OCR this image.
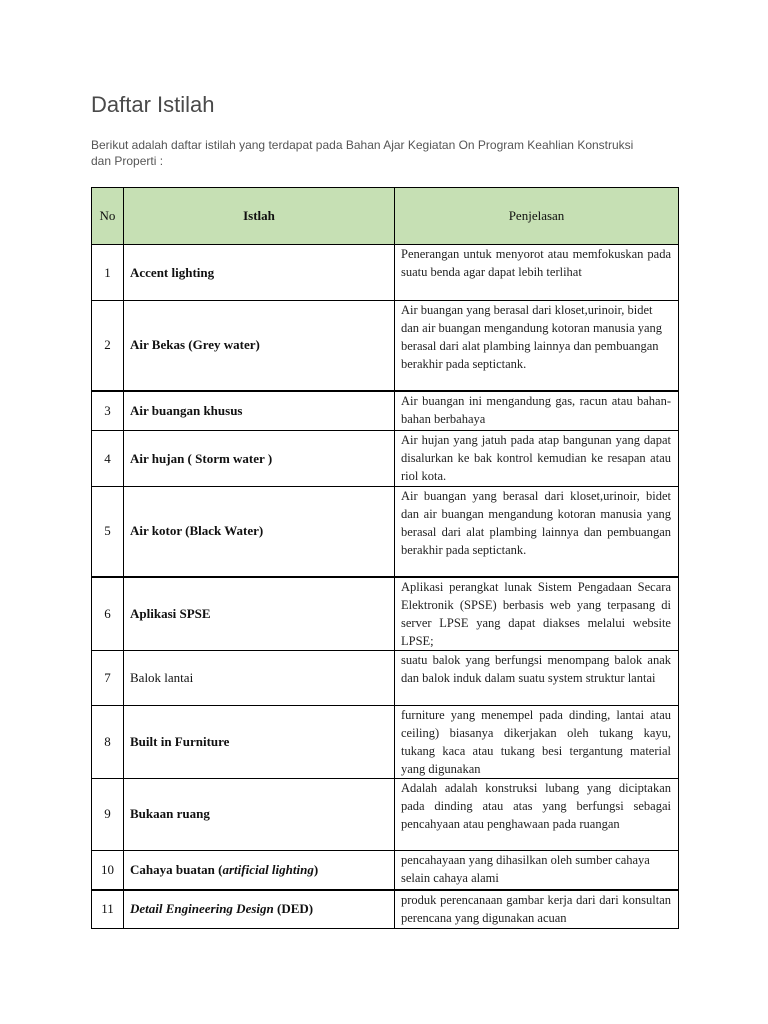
Daftar Istilah

Berikut adalah daftar istilah yang terdapat pada Bahan Ajar Kegiatan On Program Keahlian Konstruksi dan Properti :

No	Istlah	Penjelasan
1	Accent lighting	Penerangan untuk menyorot atau memfokuskan pada suatu benda agar dapat lebih terlihat
2	Air Bekas (Grey water)	Air buangan yang berasal dari kloset,urinoir, bidet dan air buangan mengandung kotoran manusia yang berasal dari alat plambing lainnya dan pembuangan berakhir pada septictank.
3	Air buangan khusus	Air buangan ini mengandung gas, racun atau bahan-bahan berbahaya
4	Air hujan ( Storm water )	Air hujan yang jatuh pada atap bangunan yang dapat disalurkan ke bak kontrol kemudian ke resapan atau riol kota.
5	Air kotor (Black Water)	Air buangan yang berasal dari kloset,urinoir, bidet dan air buangan mengandung kotoran manusia yang berasal dari alat plambing lainnya dan pembuangan berakhir pada septictank.
6	Aplikasi SPSE	Aplikasi perangkat lunak Sistem Pengadaan Secara Elektronik (SPSE) berbasis web yang terpasang di server LPSE yang dapat diakses melalui website LPSE;
7	Balok lantai	suatu balok yang berfungsi menompang balok anak dan balok induk dalam suatu system struktur lantai
8	Built in Furniture	furniture yang menempel pada dinding, lantai atau ceiling) biasanya dikerjakan oleh tukang kayu, tukang kaca atau tukang besi tergantung material yang digunakan
9	Bukaan ruang	Adalah adalah konstruksi lubang yang diciptakan pada dinding atau atas yang berfungsi sebagai pencahyaan atau penghawaan pada ruangan
10	Cahaya buatan (artificial lighting)	pencahayaan yang dihasilkan oleh sumber cahaya selain cahaya alami
11	Detail Engineering Design (DED)	produk perencanaan gambar kerja dari dari konsultan perencana yang digunakan acuan
